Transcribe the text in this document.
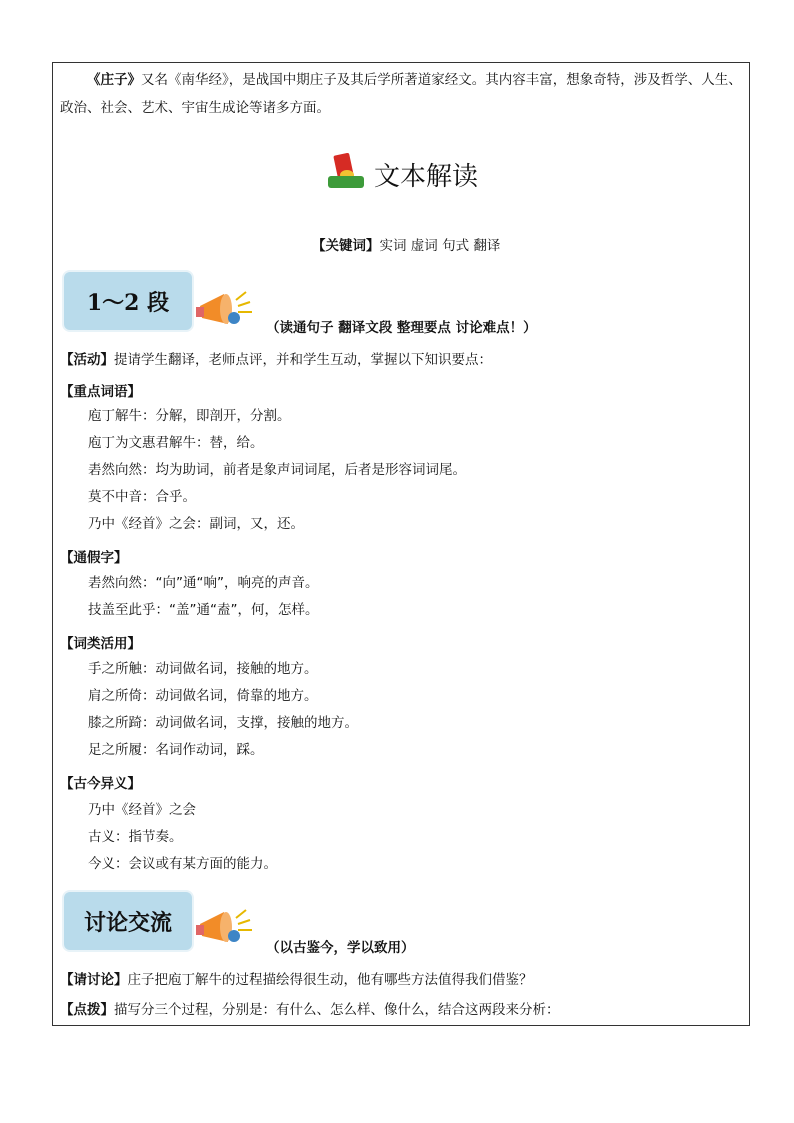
《庄子》又名《南华经》，是战国中期庄子及其后学所著道家经文。其内容丰富，想象奇特，涉及哲学、人生、政治、社会、艺术、宇宙生成论等诸多方面。
文本解读
【关键词】实词 虚词 句式 翻译
1～2 段
（读通句子 翻译文段 整理要点 讨论难点！）
【活动】提请学生翻译，老师点评，并和学生互动，掌握以下知识要点：
【重点词语】
庖丁解牛：分解，即剖开，分割。
庖丁为文惠君解牛：替，给。
砉然向然：均为助词，前者是象声词词尾，后者是形容词词尾。
莫不中音：合乎。
乃中《经首》之会：副词，又，还。
【通假字】
砉然向然：“向”通“响”，响亮的声音。
技盖至此乎：“盖”通“盍”，何，怎样。
【词类活用】
手之所触：动词做名词，接触的地方。
肩之所倚：动词做名词，倚靠的地方。
膝之所踦：动词做名词，支撑，接触的地方。
足之所履：名词作动词，踩。
【古今异义】
乃中《经首》之会
古义：指节奏。
今义：会议或有某方面的能力。
讨论交流
（以古鉴今，学以致用）
【请讨论】庄子把庖丁解牛的过程描绘得很生动，他有哪些方法值得我们借鉴？
【点拨】描写分三个过程，分别是：有什么、怎么样、像什么，结合这两段来分析：
